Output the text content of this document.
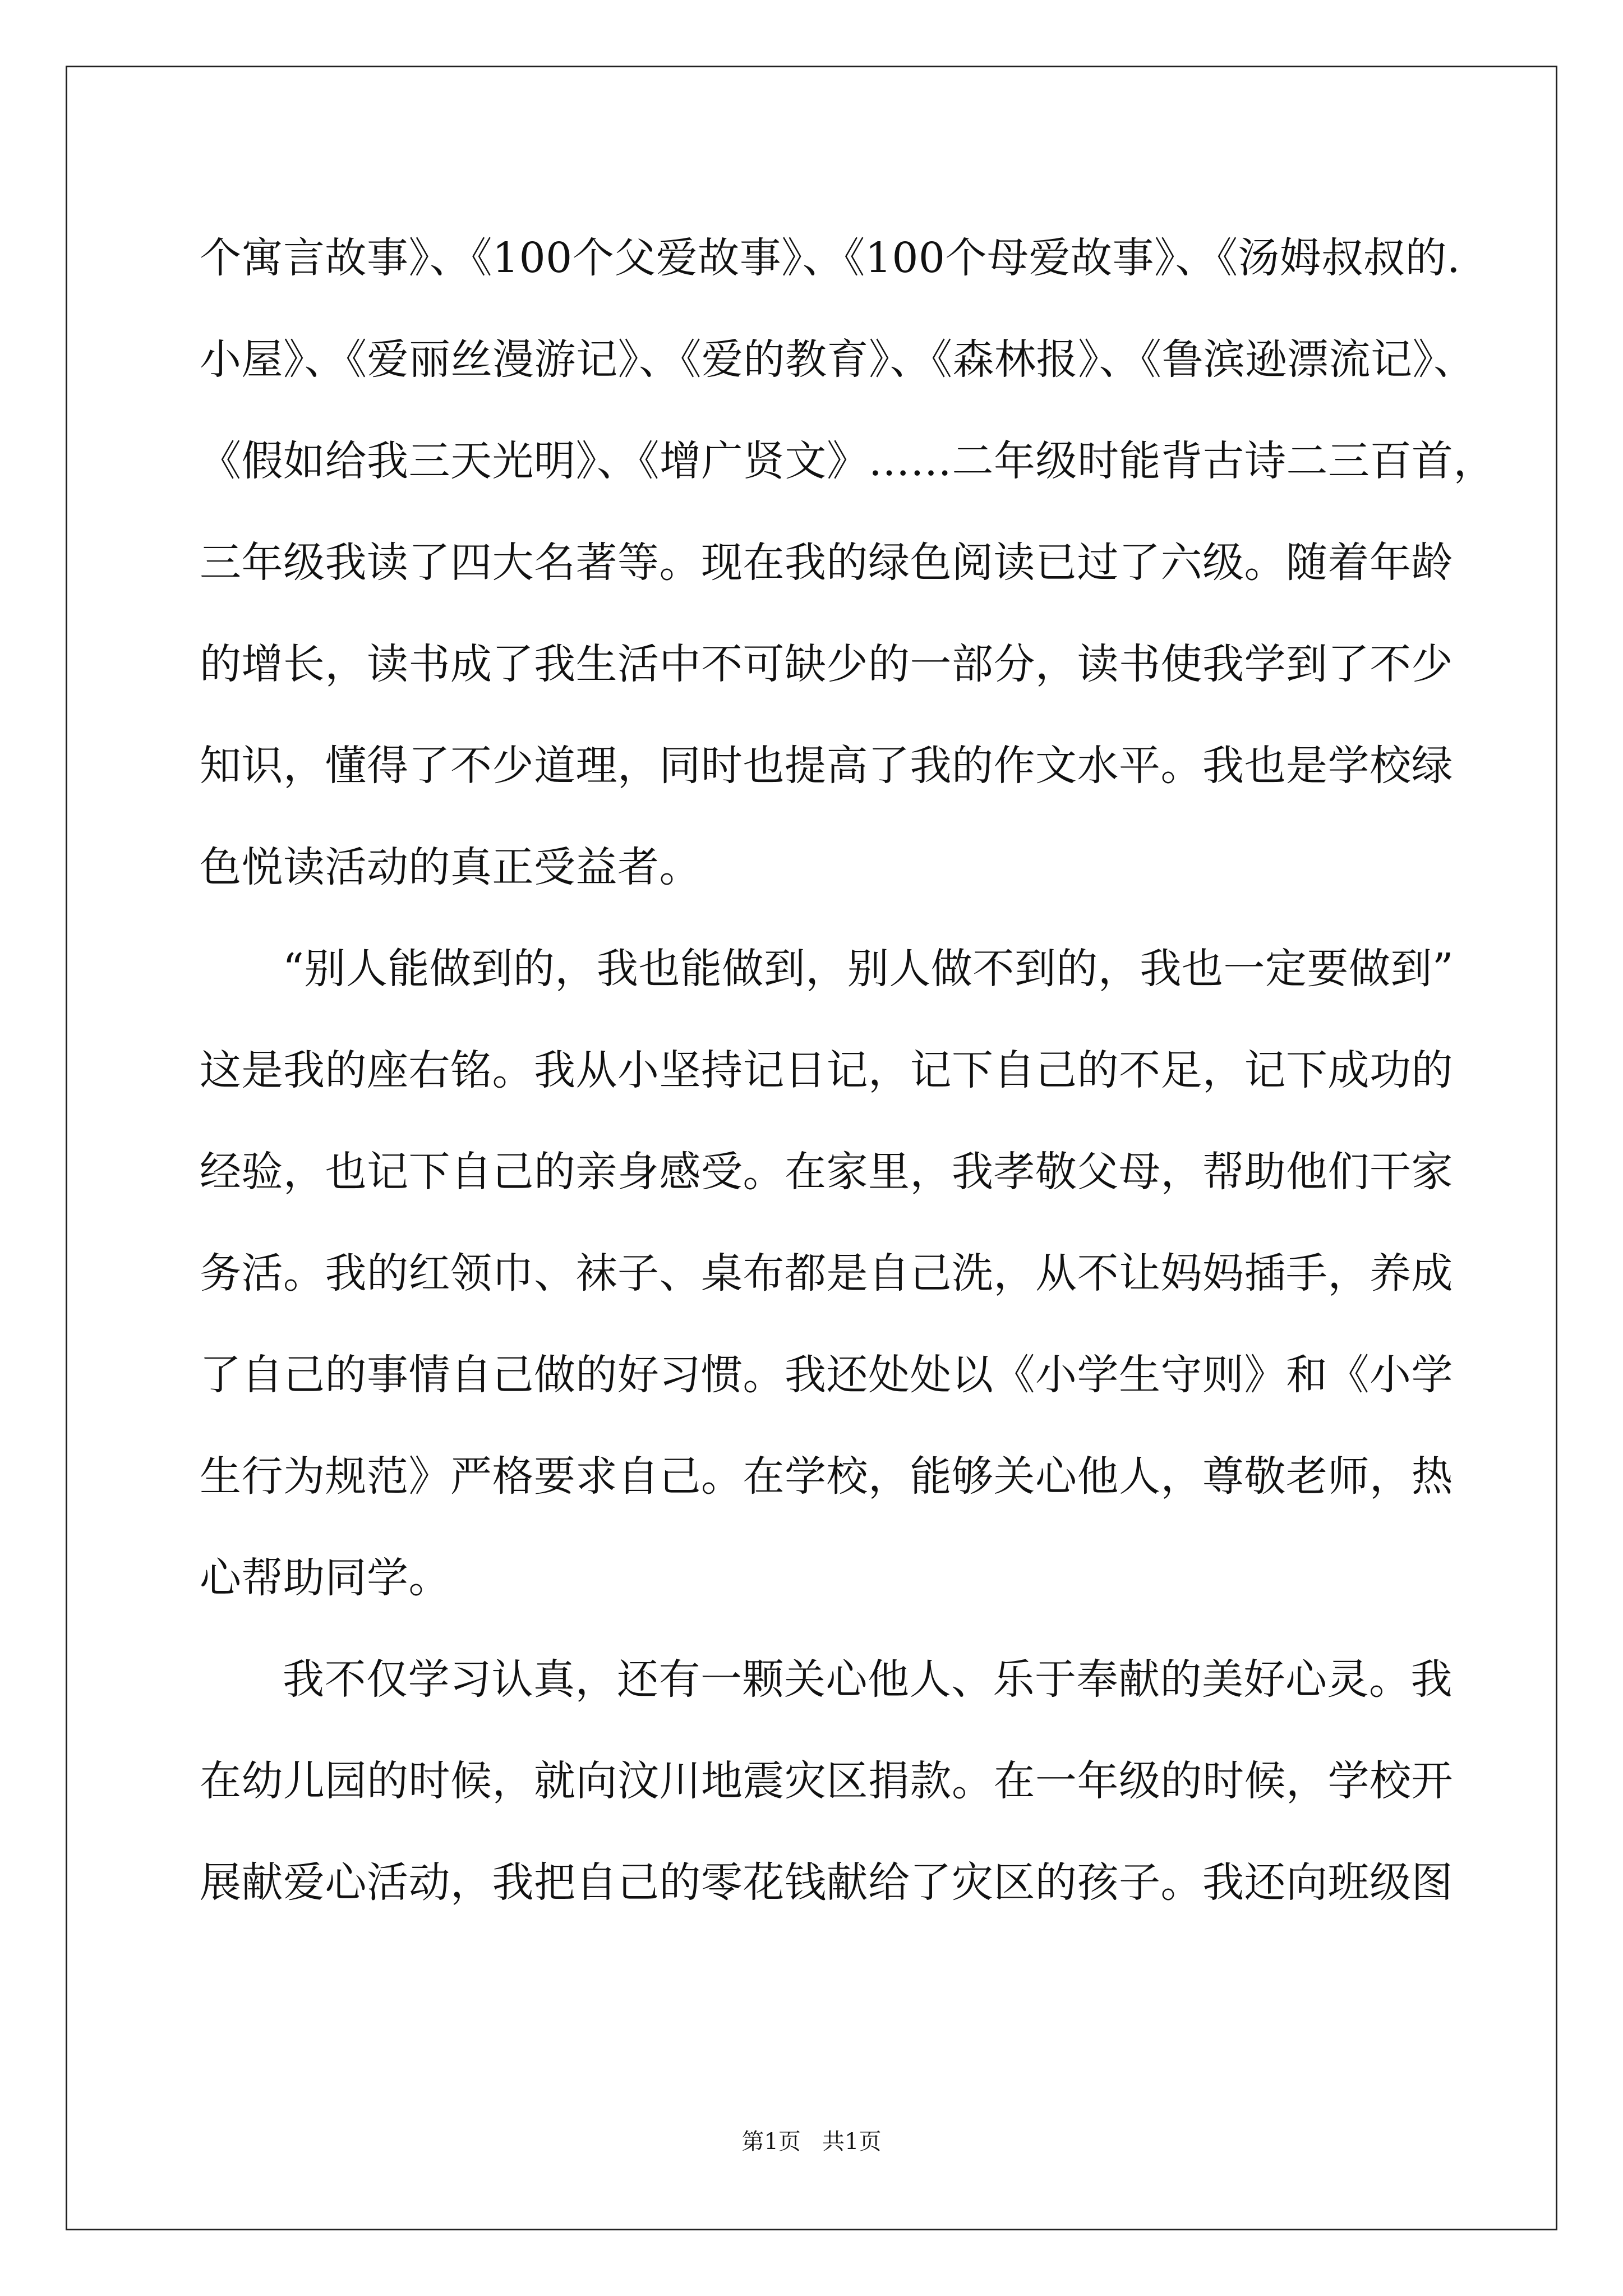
个寓言故事》、《100个父爱故事》、《100个母爱故事》、《汤姆叔叔的.
小屋》、《爱丽丝漫游记》、《爱的教育》、《森林报》、《鲁滨逊漂流记》、
《假如给我三天光明》、《增广贤文》……二年级时能背古诗二三百首，
三年级我读了四大名著等。现在我的绿色阅读已过了六级。随着年龄
的增长，读书成了我生活中不可缺少的一部分，读书使我学到了不少
知识，懂得了不少道理，同时也提高了我的作文水平。我也是学校绿
色悦读活动的真正受益者。
“别人能做到的，我也能做到，别人做不到的，我也一定要做到”
这是我的座右铭。我从小坚持记日记，记下自己的不足，记下成功的
经验，也记下自己的亲身感受。在家里，我孝敬父母，帮助他们干家
务活。我的红领巾、袜子、桌布都是自己洗，从不让妈妈插手，养成
了自己的事情自己做的好习惯。我还处处以《小学生守则》和《小学
生行为规范》严格要求自己。在学校，能够关心他人，尊敬老师，热
心帮助同学。
我不仅学习认真，还有一颗关心他人、乐于奉献的美好心灵。我
在幼儿园的时候，就向汶川地震灾区捐款。在一年级的时候，学校开
展献爱心活动，我把自己的零花钱献给了灾区的孩子。我还向班级图
第1页   共1页
